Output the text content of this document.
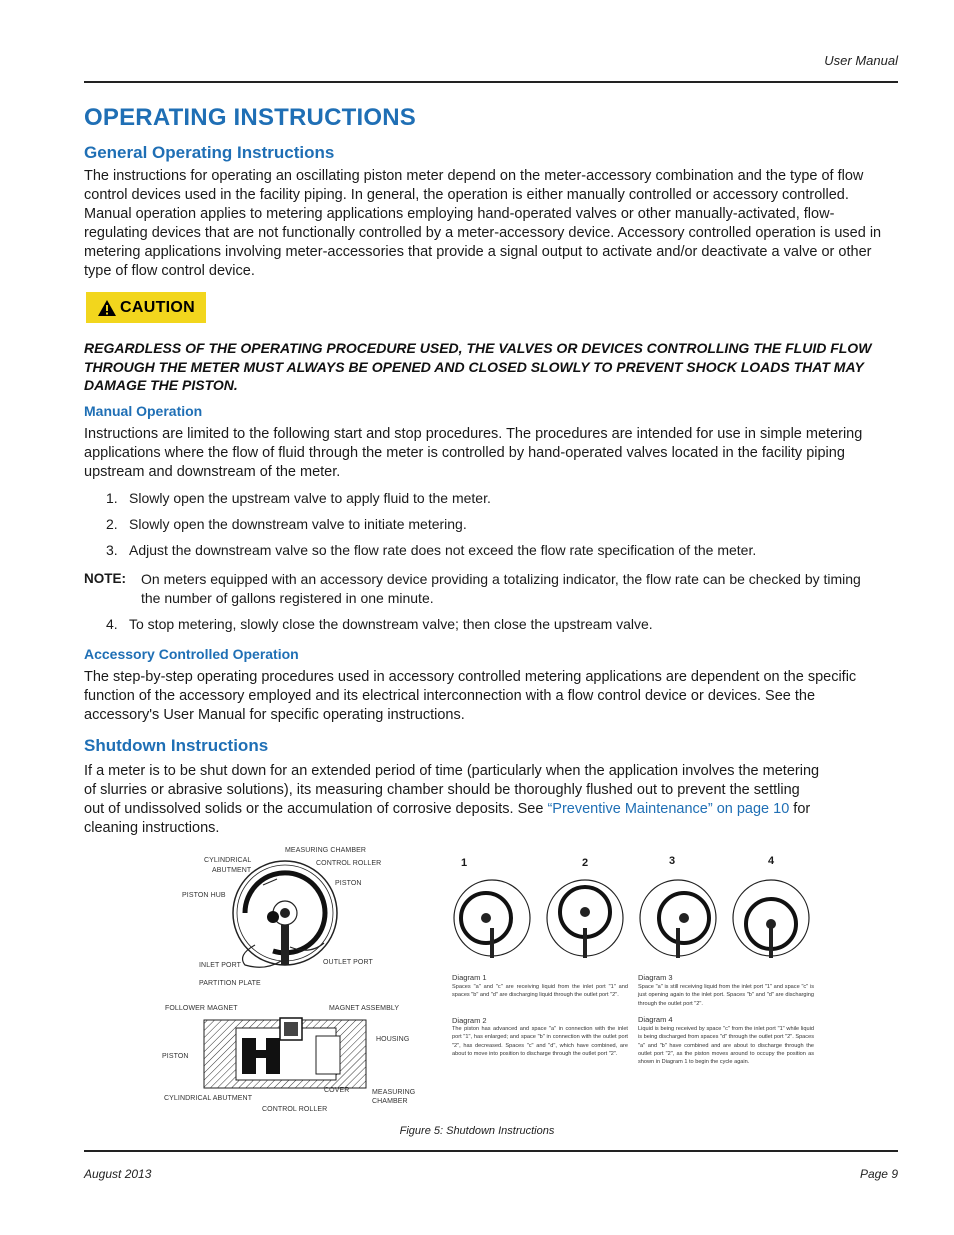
User Manual
OPERATING INSTRUCTIONS
General Operating Instructions
The instructions for operating an oscillating piston meter depend on the meter-accessory combination and the type of flow
control devices used in the facility piping. In general, the operation is either manually controlled or accessory controlled.
Manual operation applies to metering applications employing hand-operated valves or other manually-activated, flow-
regulating devices that are not functionally controlled by a meter-accessory device. Accessory controlled operation is used in
metering applications involving meter-accessories that provide a signal output to activate and/or deactivate a valve or other
type of flow control device.
CAUTION
REGARDLESS OF THE OPERATING PROCEDURE USED, THE VALVES OR DEVICES CONTROLLING THE FLUID FLOW
THROUGH THE METER MUST ALWAYS BE OPENED AND CLOSED SLOWLY TO PREVENT SHOCK LOADS THAT MAY
DAMAGE THE PISTON.
Manual Operation
Instructions are limited to the following start and stop procedures. The procedures are intended for use in simple metering
applications where the flow of fluid through the meter is controlled by hand-operated valves located in the facility piping
upstream and downstream of the meter.
1. Slowly open the upstream valve to apply fluid to the meter.
2. Slowly open the downstream valve to initiate metering.
3. Adjust the downstream valve so the flow rate does not exceed the flow rate specification of the meter.
NOTE: On meters equipped with an accessory device providing a totalizing indicator, the flow rate can be checked by timing
the number of gallons registered in one minute.
4. To stop metering, slowly close the downstream valve; then close the upstream valve.
Accessory Controlled Operation
The step-by-step operating procedures used in accessory controlled metering applications are dependent on the specific
function of the accessory employed and its electrical interconnection with a flow control device or devices. See the
accessory's User Manual for specific operating instructions.
Shutdown Instructions
If a meter is to be shut down for an extended period of time (particularly when the application involves the metering
of slurries or abrasive solutions), its measuring chamber should be thoroughly flushed out to prevent the settling
out of undissolved solids or the accumulation of corrosive deposits. See “Preventive Maintenance” on page 10 for
cleaning instructions.
MEASURING CHAMBER
CYLINDRICAL
ABUTMENT
CONTROL ROLLER
PISTON
PISTON HUB
INLET PORT	OUTLET PORT
PARTITION PLATE
FOLLOWER MAGNET	MAGNET ASSEMBLY
HOUSING
PISTON
COVER	MEASURING
CHAMBER
CYLINDRICAL ABUTMENT
CONTROL ROLLER
1	2	3	4
Diagram 1
Spaces "a" and "c" are receiving liquid from the inlet port "1" and spaces "b" and "d" are discharging liquid through the outlet port "2".
Diagram 2
The piston has advanced and space "a" in connection with the inlet port "1", has enlarged; and space "b" in connection with the outlet port "2", has decreased. Spaces "c" and "d", which have combined, are about to move into position to discharge through the outlet port "2".
Diagram 3
Space "a" is still receiving liquid from the inlet port "1" and space "c" is just opening again to the inlet port. Spaces "b" and "d" are discharging through the outlet port "2".
Diagram 4
Liquid is being received by space "c" from the inlet port "1" while liquid is being discharged from spaces "d" through the outlet port "2". Spaces "a" and "b" have combined and are about to discharge through the outlet port "2", as the piston moves around to occupy the position as shown in Diagram 1 to begin the cycle again.
Figure 5: Shutdown Instructions
August 2013	Page 9
